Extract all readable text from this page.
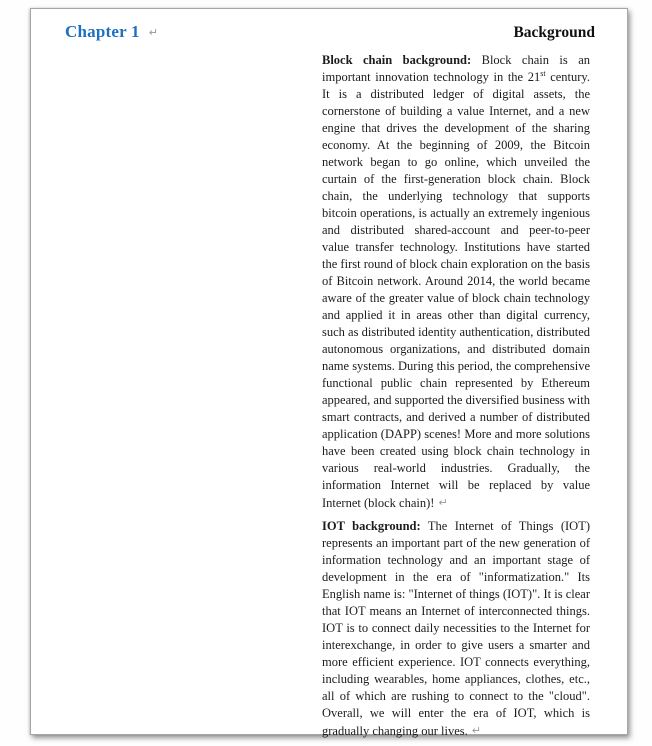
Chapter 1 ↵	Background

Block chain background: Block chain is an important innovation technology in the 21st century. It is a distributed ledger of digital assets, the cornerstone of building a value Internet, and a new engine that drives the development of the sharing economy. At the beginning of 2009, the Bitcoin network began to go online, which unveiled the curtain of the first-generation block chain. Block chain, the underlying technology that supports bitcoin operations, is actually an extremely ingenious and distributed shared-account and peer-to-peer value transfer technology. Institutions have started the first round of block chain exploration on the basis of Bitcoin network. Around 2014, the world became aware of the greater value of block chain technology and applied it in areas other than digital currency, such as distributed identity authentication, distributed autonomous organizations, and distributed domain name systems. During this period, the comprehensive functional public chain represented by Ethereum appeared, and supported the diversified business with smart contracts, and derived a number of distributed application (DAPP) scenes! More and more solutions have been created using block chain technology in various real-world industries. Gradually, the information Internet will be replaced by value Internet (block chain)! ↵

IOT background: The Internet of Things (IOT) represents an important part of the new generation of information technology and an important stage of development in the era of "informatization." Its English name is: "Internet of things (IOT)". It is clear that IOT means an Internet of interconnected things. IOT is to connect daily necessities to the Internet for interexchange, in order to give users a smarter and more efficient experience. IOT connects everything, including wearables, home appliances, clothes, etc., all of which are rushing to connect to the "cloud". Overall, we will enter the era of IOT, which is gradually changing our lives. ↵
